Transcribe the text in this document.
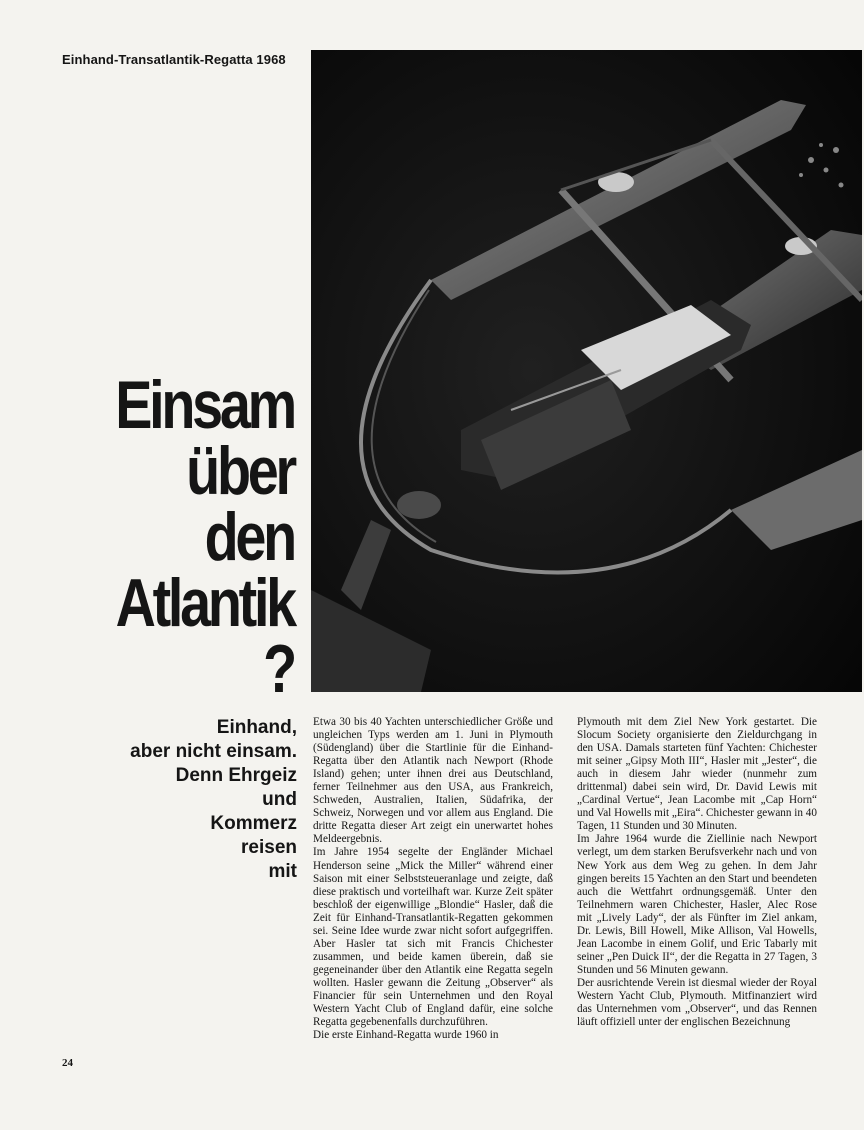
Einhand-Transatlantik-Regatta 1968
Einsam
über
den
Atlantik
?
Einhand,
aber nicht einsam.
Denn Ehrgeiz
und
Kommerz
reisen
mit

Etwa 30 bis 40 Yachten unterschiedlicher Größe und ungleichen Typs werden am 1. Juni in Plymouth (Südengland) über die Startlinie für die Einhand-Regatta über den Atlantik nach Newport (Rhode Island) gehen; unter ihnen drei aus Deutschland, ferner Teilnehmer aus den USA, aus Frankreich, Schweden, Australien, Italien, Südafrika, der Schweiz, Norwegen und vor allem aus England. Die dritte Regatta dieser Art zeigt ein unerwartet hohes Meldeergebnis.

Im Jahre 1954 segelte der Engländer Michael Henderson seine „Mick the Miller“ während einer Saison mit einer Selbststeueranlage und zeigte, daß diese praktisch und vorteilhaft war. Kurze Zeit später beschloß der eigenwillige „Blondie“ Hasler, daß die Zeit für Einhand-Transatlantik-Regatten gekommen sei. Seine Idee wurde zwar nicht sofort aufgegriffen. Aber Hasler tat sich mit Francis Chichester zusammen, und beide kamen überein, daß sie gegeneinander über den Atlantik eine Regatta segeln wollten. Hasler gewann die Zeitung „Observer“ als Financier für sein Unternehmen und den Royal Western Yacht Club of England dafür, eine solche Regatta gegebenenfalls durchzuführen.

Die erste Einhand-Regatta wurde 1960 in

Plymouth mit dem Ziel New York gestartet. Die Slocum Society organisierte den Zieldurchgang in den USA. Damals starteten fünf Yachten: Chichester mit seiner „Gipsy Moth III“, Hasler mit „Jester“, die auch in diesem Jahr wieder (nunmehr zum drittenmal) dabei sein wird, Dr. David Lewis mit „Cardinal Vertue“, Jean Lacombe mit „Cap Horn“ und Val Howells mit „Eira“. Chichester gewann in 40 Tagen, 11 Stunden und 30 Minuten.

Im Jahre 1964 wurde die Ziellinie nach Newport verlegt, um dem starken Berufsverkehr nach und von New York aus dem Weg zu gehen. In dem Jahr gingen bereits 15 Yachten an den Start und beendeten auch die Wettfahrt ordnungsgemäß. Unter den Teilnehmern waren Chichester, Hasler, Alec Rose mit „Lively Lady“, der als Fünfter im Ziel ankam, Dr. Lewis, Bill Howell, Mike Allison, Val Howells, Jean Lacombe in einem Golif, und Eric Tabarly mit seiner „Pen Duick II“, der die Regatta in 27 Tagen, 3 Stunden und 56 Minuten gewann.

Der ausrichtende Verein ist diesmal wieder der Royal Western Yacht Club, Plymouth. Mitfinanziert wird das Unternehmen vom „Observer“, und das Rennen läuft offiziell unter der englischen Bezeichnung

24
